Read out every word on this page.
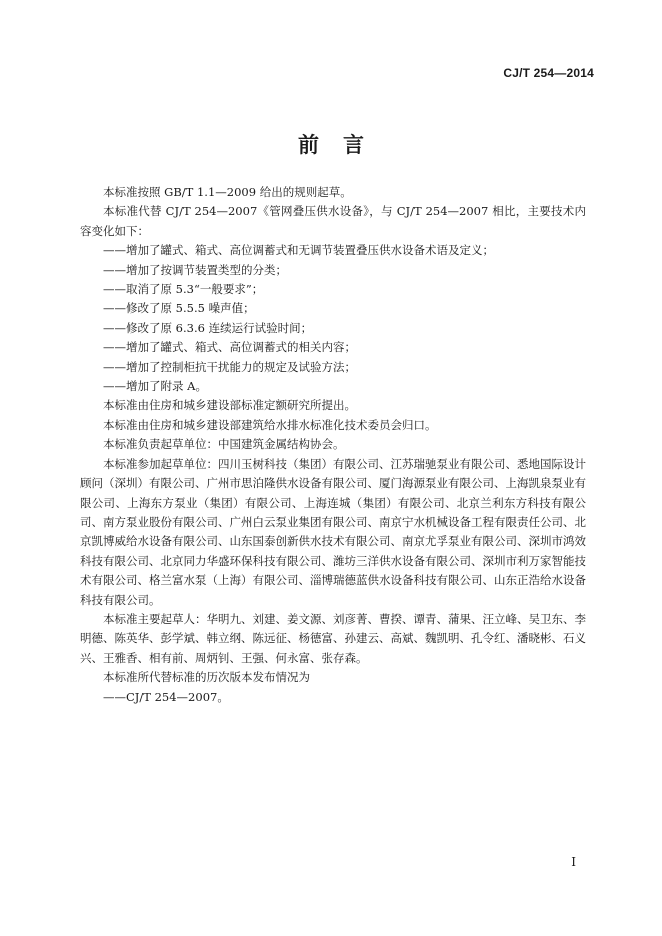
CJ/T 254—2014
前言

本标准按照 GB/T 1.1—2009 给出的规则起草。

本标准代替 CJ/T 254—2007《管网叠压供水设备》，与 CJ/T 254—2007 相比，主要技术内容变化如下：

——增加了罐式、箱式、高位调蓄式和无调节装置叠压供水设备术语及定义；

——增加了按调节装置类型的分类；

——取消了原 5.3“一般要求”；

——修改了原 5.5.5 噪声值；

——修改了原 6.3.6 连续运行试验时间；

——增加了罐式、箱式、高位调蓄式的相关内容；

——增加了控制柜抗干扰能力的规定及试验方法；

——增加了附录 A。

本标准由住房和城乡建设部标准定额研究所提出。

本标准由住房和城乡建设部建筑给水排水标准化技术委员会归口。

本标准负责起草单位：中国建筑金属结构协会。

本标准参加起草单位：四川玉树科技（集团）有限公司、江苏瑞驰泵业有限公司、悉地国际设计顾问（深圳）有限公司、广州市思泊隆供水设备有限公司、厦门海源泵业有限公司、上海凯泉泵业有限公司、上海东方泵业（集团）有限公司、上海连城（集团）有限公司、北京兰利东方科技有限公司、南方泵业股份有限公司、广州白云泵业集团有限公司、南京宁水机械设备工程有限责任公司、北京凯博威给水设备有限公司、山东国泰创新供水技术有限公司、南京尤孚泵业有限公司、深圳市鸿效科技有限公司、北京同力华盛环保科技有限公司、潍坊三洋供水设备有限公司、深圳市利万家智能技术有限公司、格兰富水泵（上海）有限公司、淄博瑞德蓝供水设备科技有限公司、山东正浩给水设备科技有限公司。

本标准主要起草人：华明九、刘建、姜文源、刘彦菁、曹揆、谭青、蒲果、汪立峰、吴卫东、李明德、陈英华、彭学斌、韩立纲、陈远征、杨德富、孙建云、高斌、魏凯明、孔令红、潘晓彬、石义兴、王雅香、相有前、周炳钊、王强、何永富、张存森。

本标准所代替标准的历次版本发布情况为

——CJ/T 254—2007。

I
